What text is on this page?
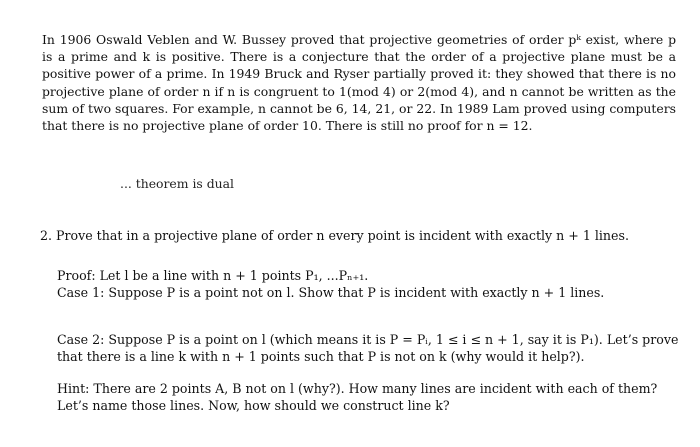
In 1906 Oswald Veblen and W. Bussey proved that projective geometries of order pᵏ exist, where p is a prime and k is positive. There is a conjecture that the order of a projective plane must be a positive power of a prime. In 1949 Bruck and Ryser partially proved it: they showed that there is no projective plane of order n if n is congruent to 1(mod 4) or 2(mod 4), and n cannot be written as the sum of two squares. For example, n cannot be 6, 14, 21, or 22. In 1989 Lam proved using computers that there is no projective plane of order 10. There is still no proof for n = 12.
... theorem is dual
2. Prove that in a projective plane of order n every point is incident with exactly n + 1 lines.
Proof: Let l be a line with n + 1 points P₁, ...Pₙ₊₁.
Case 1: Suppose P is a point not on l. Show that P is incident with exactly n + 1 lines.
Case 2: Suppose P is a point on l (which means it is P = Pᵢ, 1 ≤ i ≤ n + 1, say it is P₁). Let’s prove
that there is a line k with n + 1 points such that P is not on k (why would it help?).
Hint: There are 2 points A, B not on l (why?). How many lines are incident with each of them?
Let’s name those lines. Now, how should we construct line k?
